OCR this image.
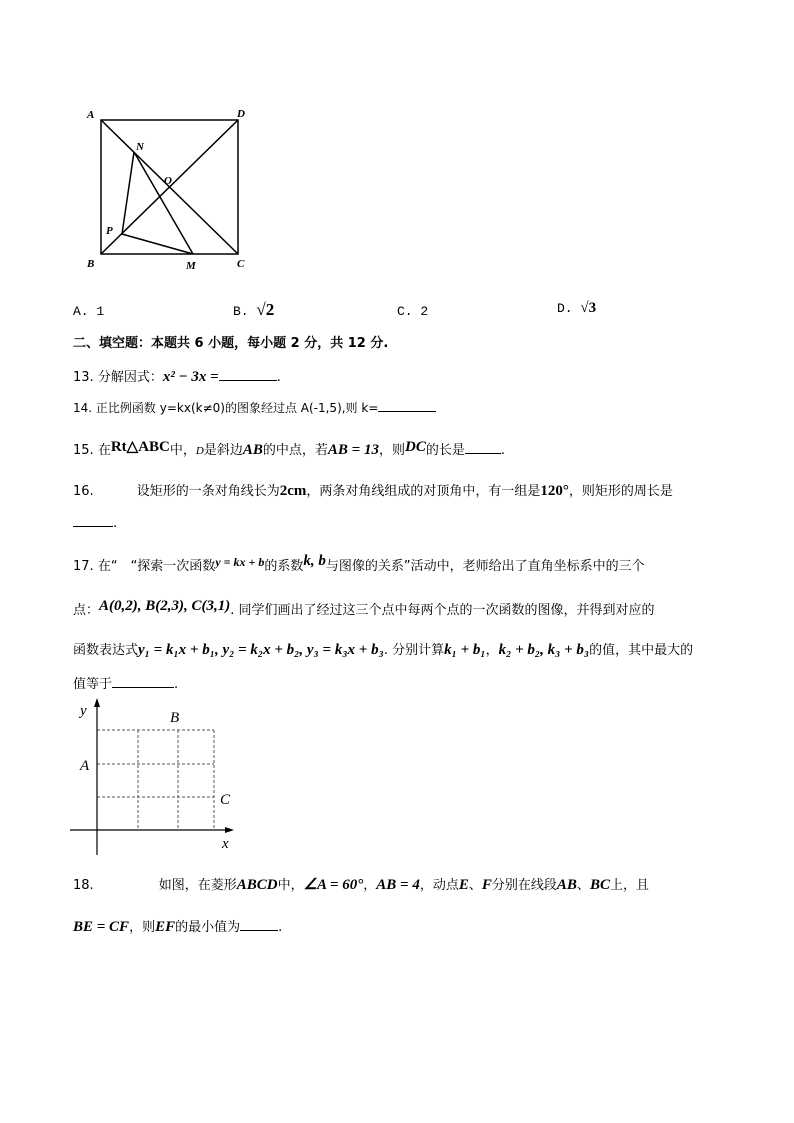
A	D
N
O
P
B	M	C
A. 1	B. √2	C. 2	D. √3
二、填空题：本题共 6 小题，每小题 2 分，共 12 分.
13. 分解因式：x² − 3x =	.
14. 正比例函数 y=kx(k≠0)的图象经过点 A(-1,5),则 k=
15. 在Rt△ABC中，D是斜边AB的中点，若AB = 13，则DC的长是	.
16.	设矩形的一条对角线长为2cm，两条对角线组成的对顶角中，有一组是120°，则矩形的周长是
.
17. 在“　“探索一次函数y = kx + b的系数k, b与图像的关系”活动中，老师给出了直角坐标系中的三个
点：A(0,2), B(2,3), C(3,1). 同学们画出了经过这三个点中每两个点的一次函数的图像，并得到对应的
函数表达式y₁ = k₁x + b₁, y₂ = k₂x + b₂, y₃ = k₃x + b₃. 分别计算k₁ + b₁，k₂ + b₂, k₃ + b₃的值，其中最大的
值等于	.
y	B
A
C
x
18.	如图，在菱形ABCD中，∠A = 60°，AB = 4，动点E、F分别在线段AB、BC上，且
BE = CF，则EF的最小值为	.
